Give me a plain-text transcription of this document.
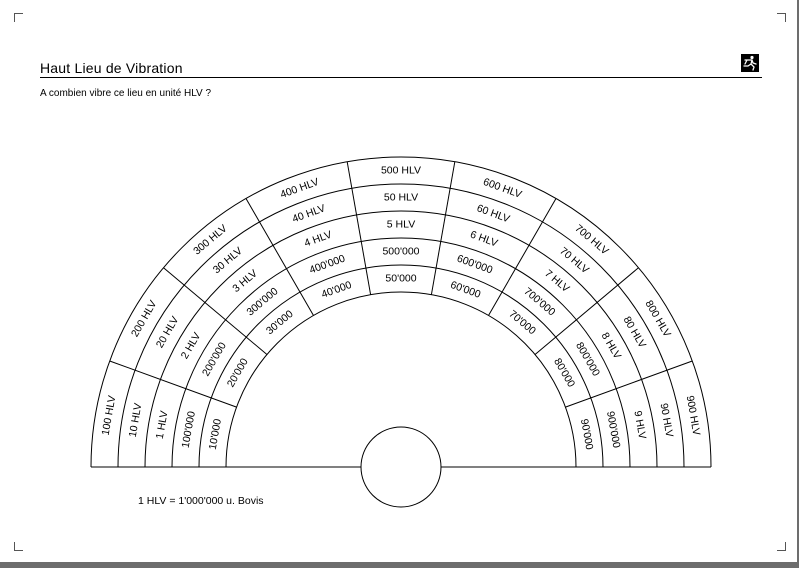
Haut Lieu de Vibration
A combien vibre ce lieu en unité HLV ?
10'000
100'000
1 HLV
10 HLV
100 HLV
20'000
200'000
2 HLV
20 HLV
200 HLV	30'000
300'000
3 HLV
30 HLV
300 HLV
40'000
400'000
4 HLV
40 HLV
400 HLV
50'000
500'000
5 HLV
50 HLV
500 HLV
60'000
600'000
6 HLV
60 HLV
600 HLV
70'000
700'000
7 HLV
70 HLV
700 HLV
80'000
800'000
8 HLV
80 HLV
800 HLV
90'000 900'000 9 HLV 90 HLV 900 HLV
1 HLV = 1'000'000 u. Bovis
